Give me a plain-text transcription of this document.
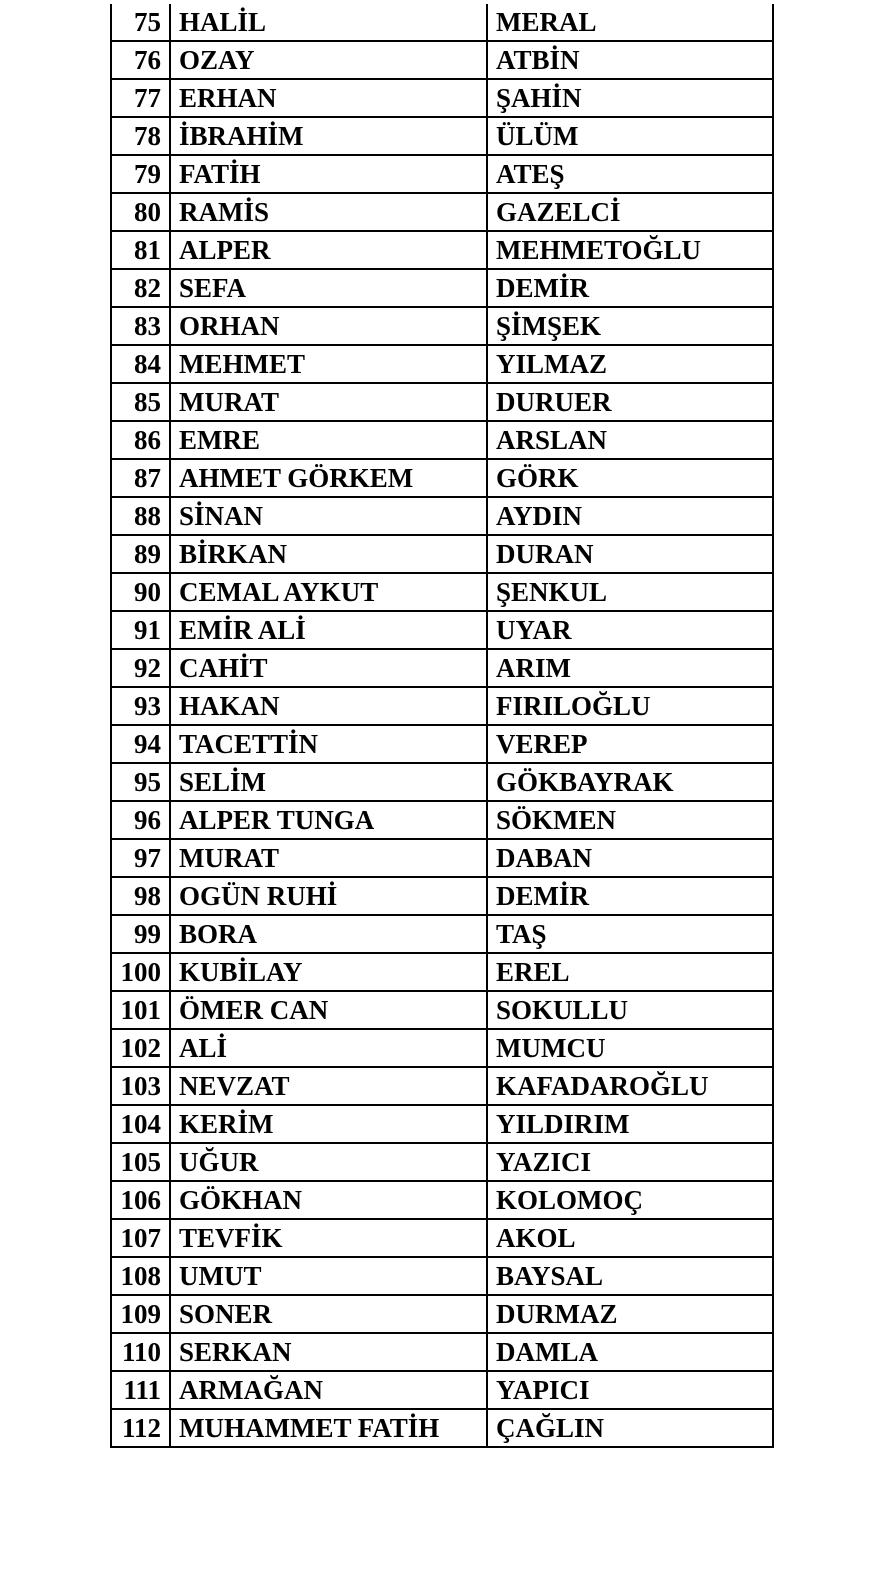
75	HALİL	MERAL
76	OZAY	ATBİN
77	ERHAN	ŞAHİN
78	İBRAHİM	ÜLÜM
79	FATİH	ATEŞ
80	RAMİS	GAZELCİ
81	ALPER	MEHMETOĞLU
82	SEFA	DEMİR
83	ORHAN	ŞİMŞEK
84	MEHMET	YILMAZ
85	MURAT	DURUER
86	EMRE	ARSLAN
87	AHMET GÖRKEM	GÖRK
88	SİNAN	AYDIN
89	BİRKAN	DURAN
90	CEMAL AYKUT	ŞENKUL
91	EMİR ALİ	UYAR
92	CAHİT	ARIM
93	HAKAN	FIRILOĞLU
94	TACETTİN	VEREP
95	SELİM	GÖKBAYRAK
96	ALPER TUNGA	SÖKMEN
97	MURAT	DABAN
98	OGÜN RUHİ	DEMİR
99	BORA	TAŞ
100	KUBİLAY	EREL
101	ÖMER CAN	SOKULLU
102	ALİ	MUMCU
103	NEVZAT	KAFADAROĞLU
104	KERİM	YILDIRIM
105	UĞUR	YAZICI
106	GÖKHAN	KOLOMOÇ
107	TEVFİK	AKOL
108	UMUT	BAYSAL
109	SONER	DURMAZ
110	SERKAN	DAMLA
111	ARMAĞAN	YAPICI
112	MUHAMMET FATİH	ÇAĞLIN
